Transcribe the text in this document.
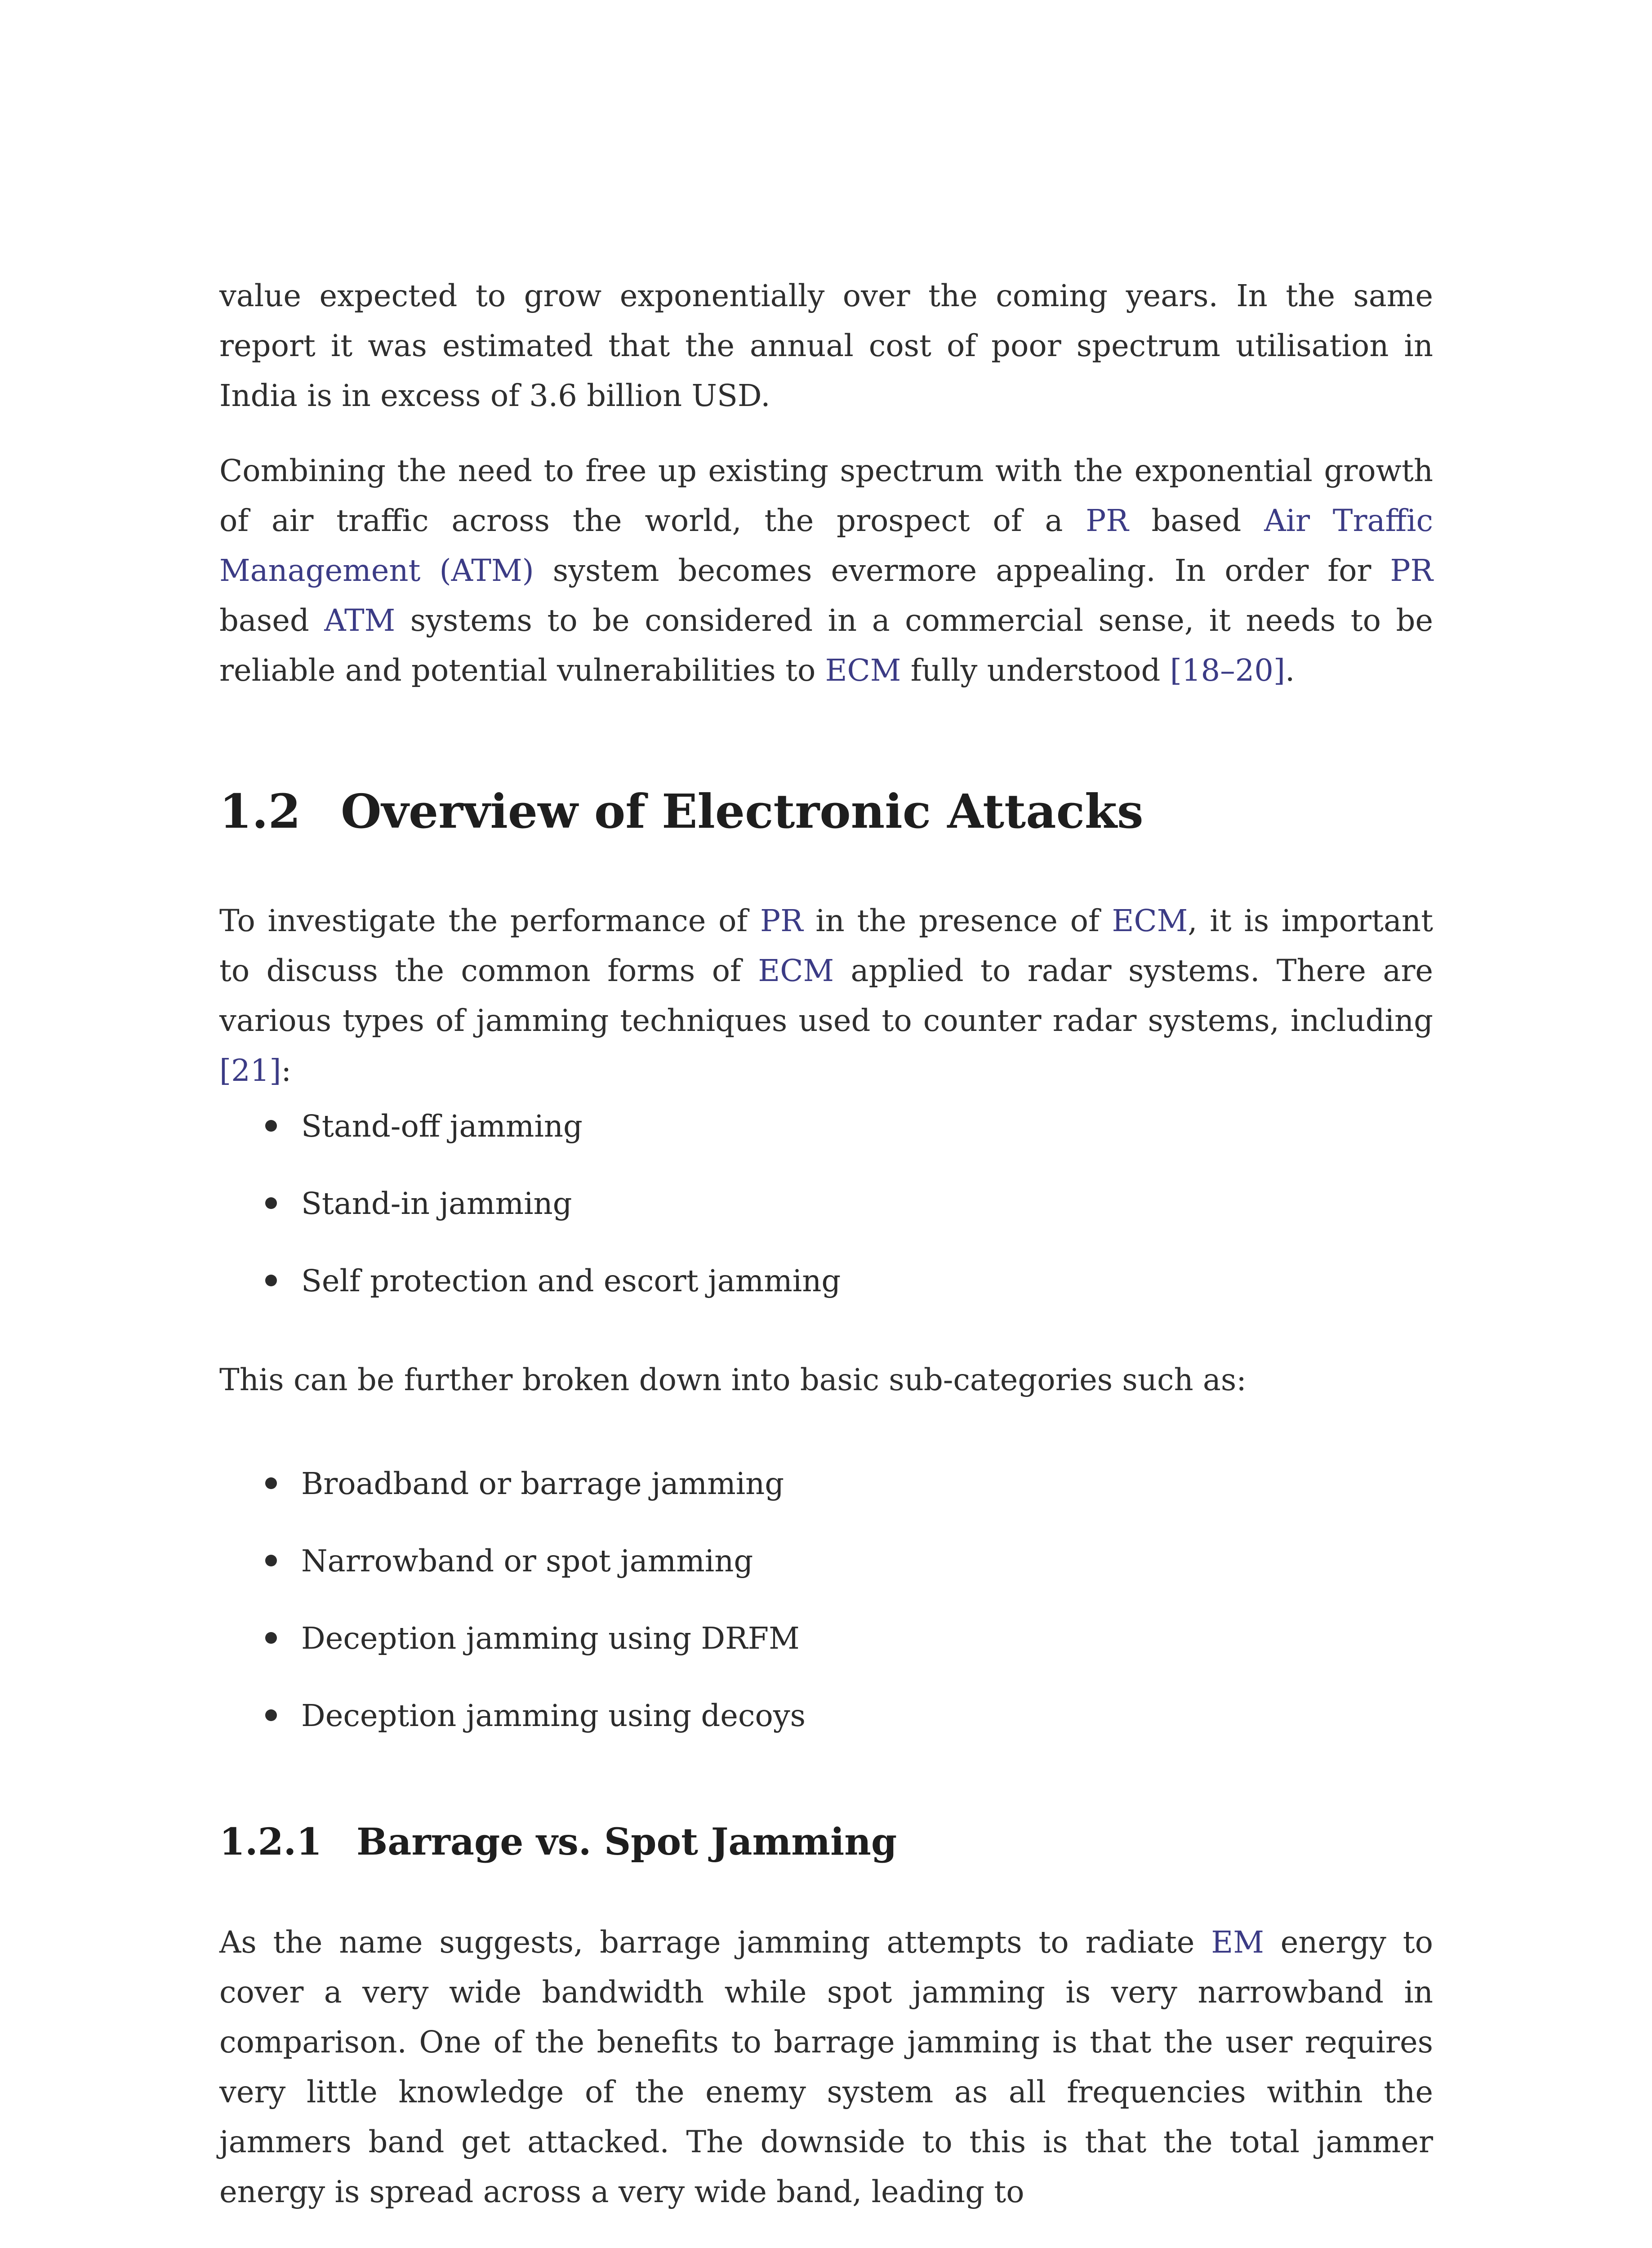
value expected to grow exponentially over the coming years. In the same report it was estimated that the annual cost of poor spectrum utilisation in India is in excess of 3.6 billion USD.

Combining the need to free up existing spectrum with the exponential growth of air traffic across the world, the prospect of a PR based Air Traffic Management (ATM) system becomes evermore appealing. In order for PR based ATM systems to be considered in a commercial sense, it needs to be reliable and potential vulnerabilities to ECM fully understood [18–20].

1.2 Overview of Electronic Attacks

To investigate the performance of PR in the presence of ECM, it is important to discuss the common forms of ECM applied to radar systems. There are various types of jamming techniques used to counter radar systems, including [21]:

Stand-off jamming
Stand-in jamming
Self protection and escort jamming

This can be further broken down into basic sub-categories such as:

Broadband or barrage jamming
Narrowband or spot jamming
Deception jamming using DRFM
Deception jamming using decoys
1.2.1 Barrage vs. Spot Jamming

As the name suggests, barrage jamming attempts to radiate EM energy to cover a very wide bandwidth while spot jamming is very narrowband in comparison. One of the benefits to barrage jamming is that the user requires very little knowledge of the enemy system as all frequencies within the jammers band get attacked. The downside to this is that the total jammer energy is spread across a very wide band, leading to
